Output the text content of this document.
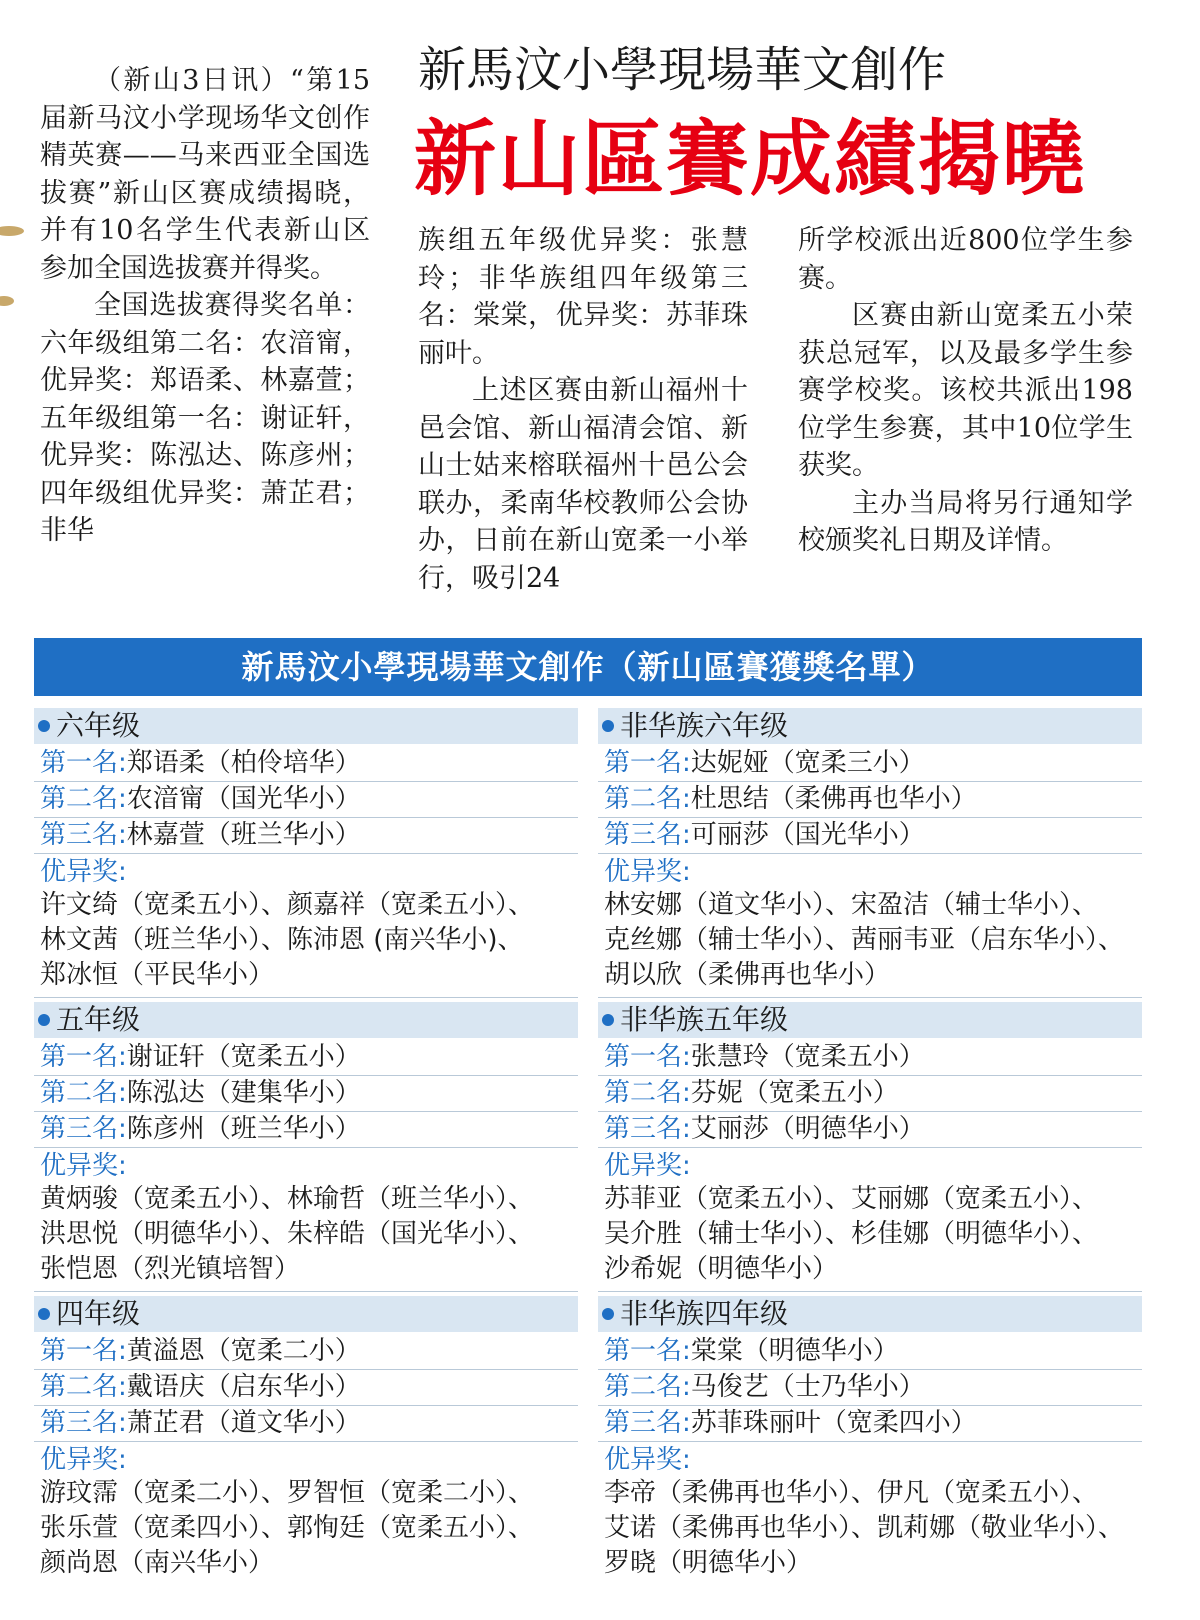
新馬汶小學現場華文創作
新山區賽成績揭曉

（新山3日讯）“第15届新马汶小学现场华文创作精英赛——马来西亚全国选拔赛”新山区赛成绩揭晓，并有10名学生代表新山区参加全国选拔赛并得奖。

全国选拔赛得奖名单：六年级组第二名：农湆甯，优异奖：郑语柔、林嘉萱；五年级组第一名：谢证轩，优异奖：陈泓达、陈彦州；四年级组优异奖：萧芷君；非华

族组五年级优异奖：张慧玲；非华族组四年级第三名：棠棠，优异奖：苏菲珠丽叶。

上述区赛由新山福州十邑会馆、新山福清会馆、新山士姑来榕联福州十邑公会联办，柔南华校教师公会协办，日前在新山宽柔一小举行，吸引24

所学校派出近800位学生参赛。

区赛由新山宽柔五小荣获总冠军，以及最多学生参赛学校奖。该校共派出198位学生参赛，其中10位学生获奖。

主办当局将另行通知学校颁奖礼日期及详情。

新馬汶小學現場華文創作（新山區賽獲獎名單）
六年级
第一名:郑语柔（柏伶培华）
第二名:农湆甯（国光华小）
第三名:林嘉萱（班兰华小）
优异奖:
许文绮（宽柔五小）、颜嘉祥（宽柔五小）、
林文茜（班兰华小）、陈沛恩 (南兴华小)、
郑冰恒（平民华小）
五年级
第一名:谢证轩（宽柔五小）
第二名:陈泓达（建集华小）
第三名:陈彦州（班兰华小）
优异奖:
黄炳骏（宽柔五小）、林瑜哲（班兰华小）、
洪思悦（明德华小）、朱梓皓（国光华小）、
张恺恩（烈光镇培智）
四年级
第一名:黄溢恩（宽柔二小）
第二名:戴语庆（启东华小）
第三名:萧芷君（道文华小）
优异奖:
游玟霈（宽柔二小）、罗智恒（宽柔二小）、
张乐萱（宽柔四小）、郭恂廷（宽柔五小）、
颜尚恩（南兴华小）
非华族六年级
第一名:达妮娅（宽柔三小）
第二名:杜思结（柔佛再也华小）
第三名:可丽莎（国光华小）
优异奖:
林安娜（道文华小）、宋盈洁（辅士华小）、
克丝娜（辅士华小）、茜丽韦亚（启东华小）、
胡以欣（柔佛再也华小）
非华族五年级
第一名:张慧玲（宽柔五小）
第二名:芬妮（宽柔五小）
第三名:艾丽莎（明德华小）
优异奖:
苏菲亚（宽柔五小）、艾丽娜（宽柔五小）、
吴介胜（辅士华小）、杉佳娜（明德华小）、
沙希妮（明德华小）
非华族四年级
第一名:棠棠（明德华小）
第二名:马俊艺（士乃华小）
第三名:苏菲珠丽叶（宽柔四小）
优异奖:
李帝（柔佛再也华小）、伊凡（宽柔五小）、
艾诺（柔佛再也华小）、凯莉娜（敬业华小）、
罗晓（明德华小）
